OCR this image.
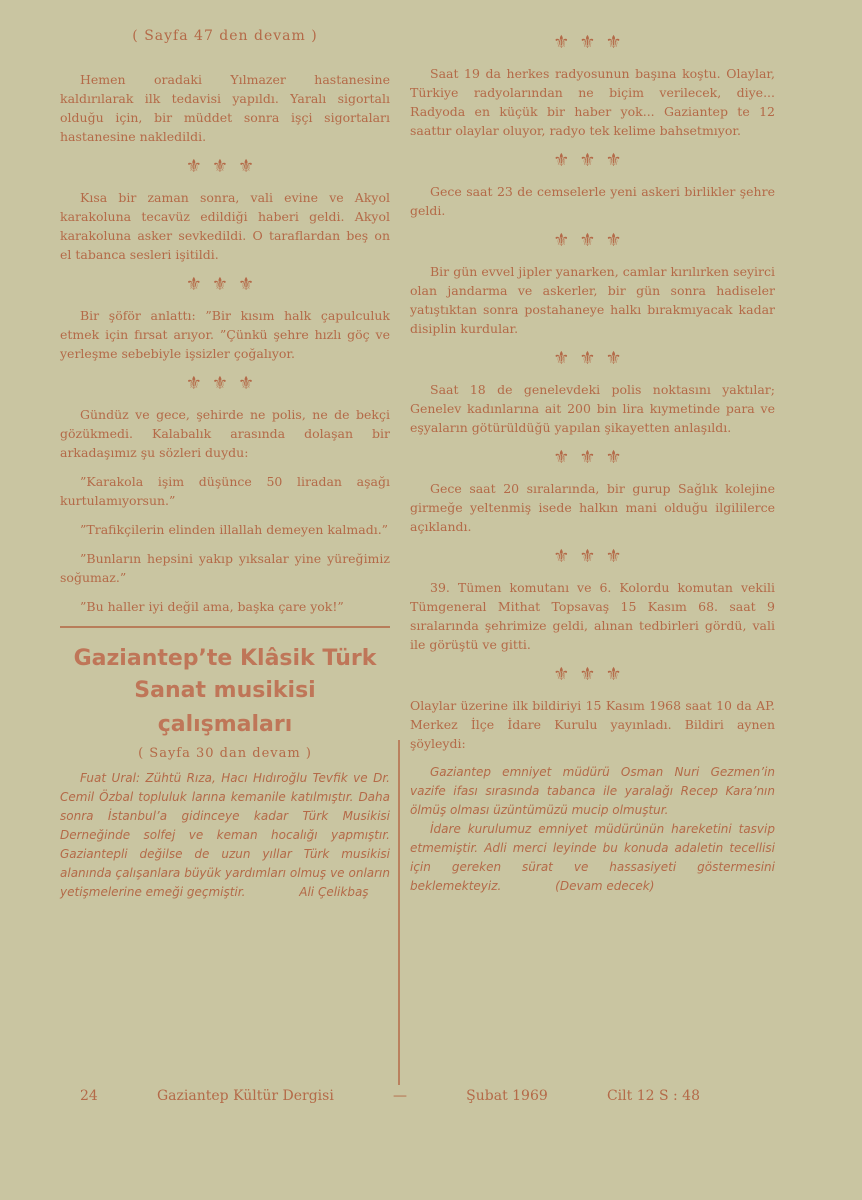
( Sayfa 47 den devam )

Hemen oradaki Yılmazer hastanesine kaldırılarak ilk tedavisi yapıldı. Yaralı sigortalı olduğu için, bir müddet sonra işçi sigortaları hastanesine nakledildi.

⚜⚜⚜

Kısa bir zaman sonra, vali evine ve Akyol karakoluna tecavüz edildiği haberi geldi. Akyol karakoluna asker sevkedildi. O taraflardan beş on el tabanca sesleri işitildi.

⚜⚜⚜

Bir şöför anlattı: ”Bir kısım halk çapulculuk etmek için fırsat arıyor. ”Çünkü şehre hızlı göç ve yerleşme sebebiyle işsizler çoğalıyor.

⚜⚜⚜

Gündüz ve gece, şehirde ne polis, ne de bekçi gözükmedi. Kalabalık arasında dolaşan bir arkadaşımız şu sözleri duydu:

”Karakola işim düşünce 50 liradan aşağı kurtulamıyorsun.”

”Trafikçilerin elinden illallah demeyen kalmadı.”

”Bunların hepsini yakıp yıksalar yine yüreğimiz soğumaz.”

”Bu haller iyi değil ama, başka çare yok!”

Gaziantep’te Klâsik Türk
Sanat musikisi
çalışmaları
( Sayfa 30 dan devam )

Fuat Ural: Zühtü Rıza, Hacı Hıdıroğlu Tevfik ve Dr. Cemil Özbal topluluk larına kemanile katılmıştır. Daha sonra İstanbul’a gidinceye kadar Türk Musikisi Derneğinde solfej ve keman hocalığı yapmıştır. Gaziantepli değilse de uzun yıllar Türk musikisi alanında çalışanlara büyük yardımları olmuş ve onların yetişmelerine emeği geçmiştir.	Ali Çelikbaş

⚜⚜⚜

Saat 19 da herkes radyosunun başına koştu. Olaylar, Türkiye radyolarından ne biçim verilecek, diye... Radyoda en küçük bir haber yok... Gaziantep te 12 saattır olaylar oluyor, radyo tek kelime bahsetmıyor.

⚜⚜⚜

Gece saat 23 de cemselerle yeni askeri birlikler şehre geldi.

⚜⚜⚜

Bir gün evvel jipler yanarken, camlar kırılırken seyirci olan jandarma ve askerler, bir gün sonra hadiseler yatıştıktan sonra postahaneye halkı bırakmıyacak kadar disiplin kurdular.

⚜⚜⚜

Saat 18 de genelevdeki polis noktasını yaktılar; Genelev kadınlarına ait 200 bin lira kıymetinde para ve eşyaların götürüldüğü yapılan şikayetten anlaşıldı.

⚜⚜⚜

Gece saat 20 sıralarında, bir gurup Sağlık kolejine girmeğe yeltenmiş isede halkın mani olduğu ilgililerce açıklandı.

⚜⚜⚜

39. Tümen komutanı ve 6. Kolordu komutan vekili Tümgeneral Mithat Topsavaş 15 Kasım 68. saat 9 sıralarında şehrimize geldi, alınan tedbirleri gördü, vali ile görüştü ve gitti.

⚜⚜⚜

Olaylar üzerine ilk bildiriyi 15 Kasım 1968 saat 10 da AP. Merkez İlçe İdare Kurulu yayınladı. Bildiri aynen şöyleydi:

Gaziantep emniyet müdürü Osman Nuri Gezmen’in vazife ifası sırasında tabanca ile yaralağı Recep Kara’nın ölmüş olması üzüntümüzü mucip olmuştur.

İdare kurulumuz emniyet müdürünün hareketini tasvip etmemiştir. Adli merci leyinde bu konuda adaletin tecellisi için gereken sürat ve hassasiyeti göstermesini beklemekteyiz.	(Devam edecek)

24	Gaziantep Kültür Dergisi	—	Şubat 1969	Cilt 12 S : 48
